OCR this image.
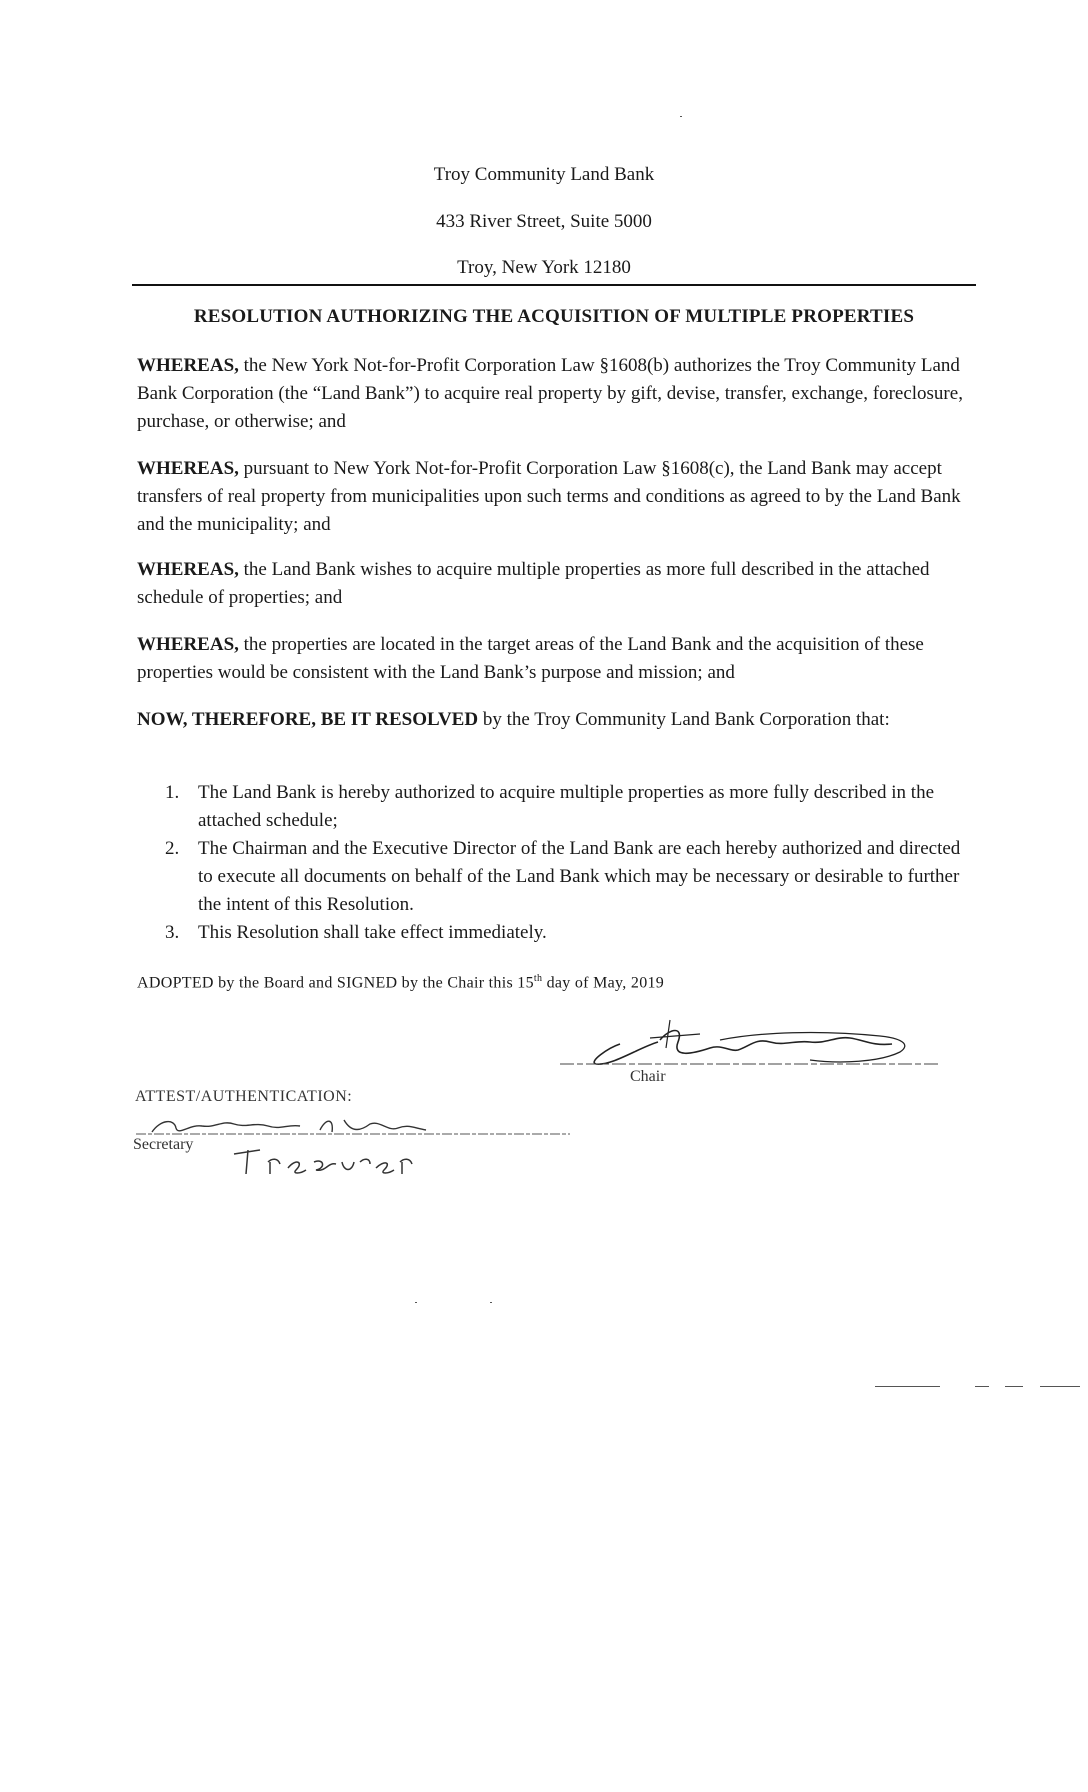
Troy Community Land Bank
433 River Street, Suite 5000
Troy, New York 12180
RESOLUTION AUTHORIZING THE ACQUISITION OF MULTIPLE PROPERTIES
WHEREAS, the New York Not-for-Profit Corporation Law §1608(b) authorizes the Troy Community Land Bank Corporation (the “Land Bank”) to acquire real property by gift, devise, transfer, exchange, foreclosure, purchase, or otherwise; and
WHEREAS, pursuant to New York Not-for-Profit Corporation Law §1608(c), the Land Bank may accept transfers of real property from municipalities upon such terms and conditions as agreed to by the Land Bank and the municipality; and
WHEREAS, the Land Bank wishes to acquire multiple properties as more full described in the attached schedule of properties; and
WHEREAS, the properties are located in the target areas of the Land Bank and the acquisition of these properties would be consistent with the Land Bank’s purpose and mission; and
NOW, THEREFORE, BE IT RESOLVED by the Troy Community Land Bank Corporation that:
1. The Land Bank is hereby authorized to acquire multiple properties as more fully described in the attached schedule;
2. The Chairman and the Executive Director of the Land Bank are each hereby authorized and directed to execute all documents on behalf of the Land Bank which may be necessary or desirable to further the intent of this Resolution.
3. This Resolution shall take effect immediately.
ADOPTED by the Board and SIGNED by the Chair this 15th day of May, 2019
Chair
ATTEST/AUTHENTICATION:
Secretary
